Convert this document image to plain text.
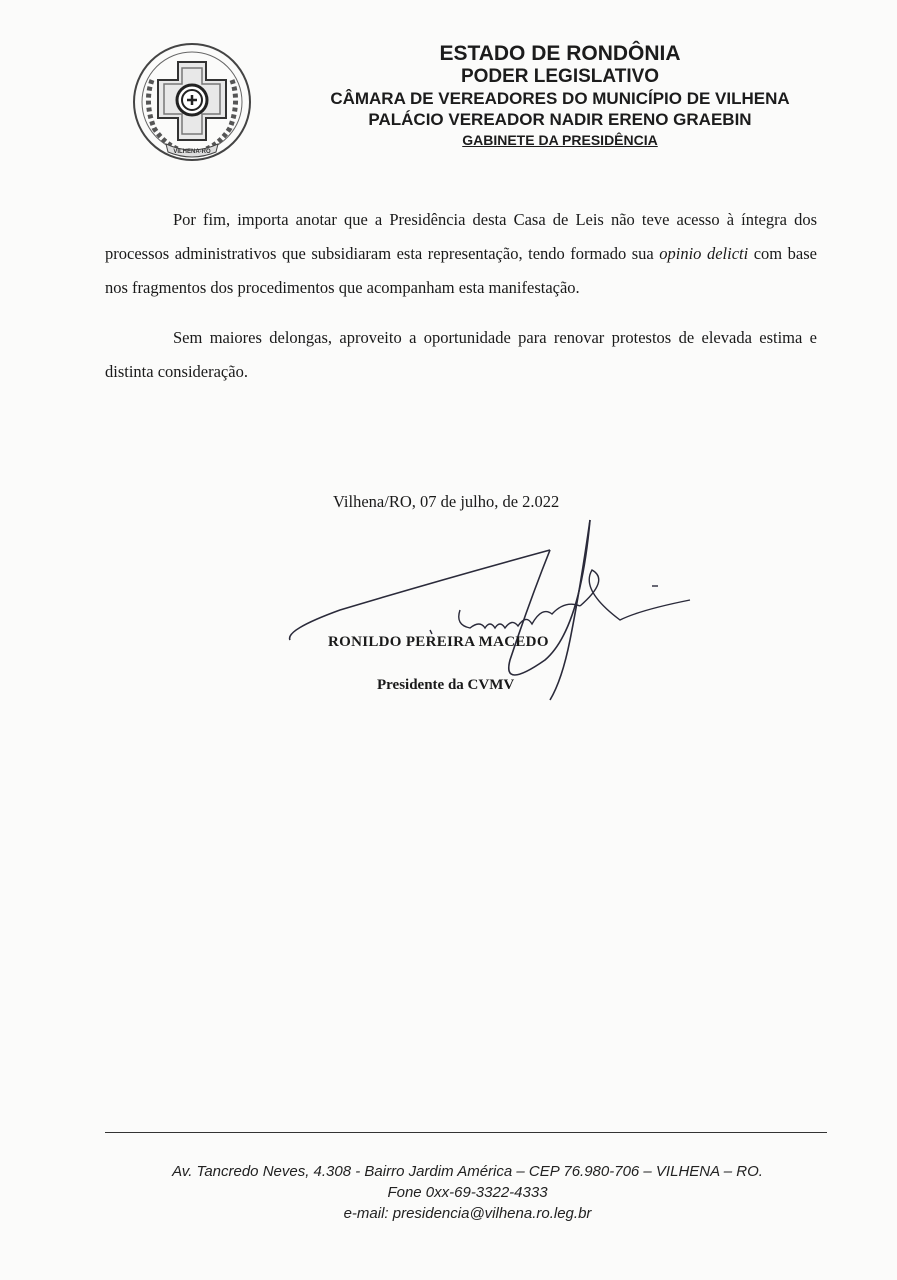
VILHENA-RO
ESTADO DE RONDÔNIA
PODER LEGISLATIVO
CÂMARA DE VEREADORES DO MUNICÍPIO DE VILHENA
PALÁCIO VEREADOR NADIR ERENO GRAEBIN
GABINETE DA PRESIDÊNCIA

Por fim, importa anotar que a Presidência desta Casa de Leis não teve acesso à íntegra dos processos administrativos que subsidiaram esta representação, tendo formado sua opinio delicti com base nos fragmentos dos procedimentos que acompanham esta manifestação.

Sem maiores delongas, aproveito a oportunidade para renovar protestos de elevada estima e distinta consideração.

Vilhena/RO, 07 de julho, de 2.022
RONILDO PEREIRA MACEDO
Presidente da CVMV
Av. Tancredo Neves, 4.308 - Bairro Jardim América – CEP 76.980-706 – VILHENA – RO.
Fone 0xx-69-3322-4333
e-mail: presidencia@vilhena.ro.leg.br
